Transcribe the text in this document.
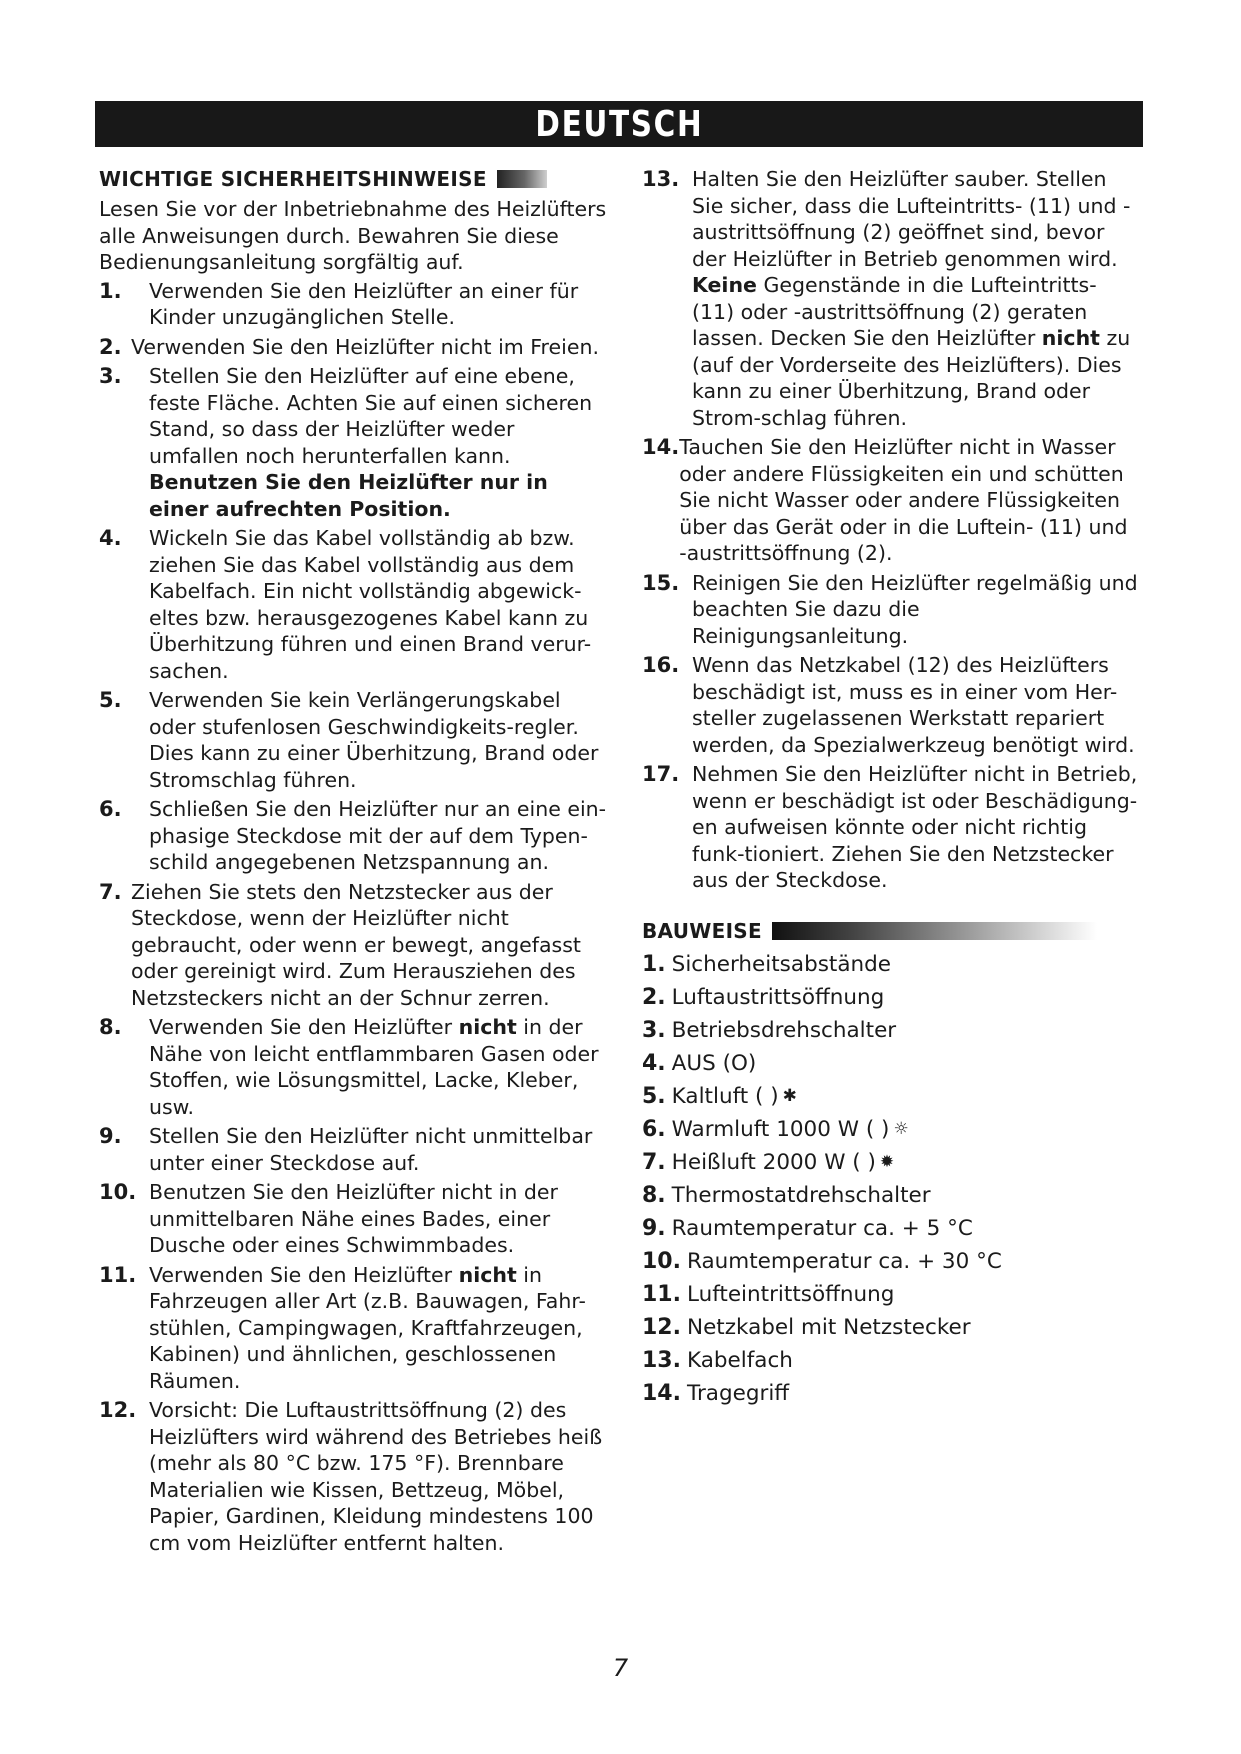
DEUTSCH
WICHTIGE SICHERHEITSHINWEISE
Lesen Sie vor der Inbetriebnahme des Heizlüfters alle Anweisungen durch. Bewahren Sie diese Bedienungsanleitung sorgfältig auf.
1.	Verwenden Sie den Heizlüfter an einer für Kinder unzugänglichen Stelle.
2. Verwenden Sie den Heizlüfter nicht im Freien.
3.	Stellen Sie den Heizlüfter auf eine ebene, feste Fläche. Achten Sie auf einen sicheren Stand, so dass der Heizlüfter weder umfallen noch herunterfallen kann. Benutzen Sie den Heizlüfter nur in einer aufrechten Position.
4.	Wickeln Sie das Kabel vollständig ab bzw. ziehen Sie das Kabel vollständig aus dem Kabelfach. Ein nicht vollständig abgewick-eltes bzw. herausgezogenes Kabel kann zu Überhitzung führen und einen Brand verur-sachen.
5.	Verwenden Sie kein Verlängerungskabel oder stufenlosen Geschwindigkeits-regler. Dies kann zu einer Überhitzung, Brand oder Stromschlag führen.
6.	Schließen Sie den Heizlüfter nur an eine ein-phasige Steckdose mit der auf dem Typen-schild angegebenen Netzspannung an.
7. Ziehen Sie stets den Netzstecker aus der Steckdose, wenn der Heizlüfter nicht gebraucht, oder wenn er bewegt, angefasst oder gereinigt wird. Zum Herausziehen des Netzsteckers nicht an der Schnur zerren.
8.	Verwenden Sie den Heizlüfter nicht in der Nähe von leicht entflammbaren Gasen oder Stoffen, wie Lösungsmittel, Lacke, Kleber, usw.
9.	Stellen Sie den Heizlüfter nicht unmittelbar unter einer Steckdose auf.
10. Benutzen Sie den Heizlüfter nicht in der unmittelbaren Nähe eines Bades, einer Dusche oder eines Schwimmbades.
11. Verwenden Sie den Heizlüfter nicht in Fahrzeugen aller Art (z.B. Bauwagen, Fahr-stühlen, Campingwagen, Kraftfahrzeugen, Kabinen) und ähnlichen, geschlossenen Räumen.
12. Vorsicht: Die Luftaustrittsöffnung (2) des Heizlüfters wird während des Betriebes heiß (mehr als 80 °C bzw. 175 °F). Brennbare Materialien wie Kissen, Bettzeug, Möbel, Papier, Gardinen, Kleidung mindestens 100 cm vom Heizlüfter entfernt halten.
13. Halten Sie den Heizlüfter sauber. Stellen Sie sicher, dass die Lufteintritts- (11) und -austrittsöffnung (2) geöffnet sind, bevor der Heizlüfter in Betrieb genommen wird. Keine Gegenstände in die Lufteintritts- (11) oder -austrittsöffnung (2) geraten lassen. Decken Sie den Heizlüfter nicht zu (auf der Vorderseite des Heizlüfters). Dies kann zu einer Überhitzung, Brand oder Strom-schlag führen.
14. Tauchen Sie den Heizlüfter nicht in Wasser oder andere Flüssigkeiten ein und schütten Sie nicht Wasser oder andere Flüssigkeiten über das Gerät oder in die Luftein- (11) und -austrittsöffnung (2).
15. Reinigen Sie den Heizlüfter regelmäßig und beachten Sie dazu die Reinigungsanleitung.
16. Wenn das Netzkabel (12) des Heizlüfters beschädigt ist, muss es in einer vom Her-steller zugelassenen Werkstatt repariert werden, da Spezialwerkzeug benötigt wird.
17. Nehmen Sie den Heizlüfter nicht in Betrieb, wenn er beschädigt ist oder Beschädigung-en aufweisen könnte oder nicht richtig funk-tioniert. Ziehen Sie den Netzstecker aus der Steckdose.
BAUWEISE
1. Sicherheitsabstände
2. Luftaustrittsöffnung
3. Betriebsdrehschalter
4. AUS (O)
5. Kaltluft ( ) ✱
6. Warmluft 1000 W ( ) ☼
7. Heißluft 2000 W ( ) ✹
8. Thermostatdrehschalter
9. Raumtemperatur ca. + 5 °C
10. Raumtemperatur ca. + 30 °C
11. Lufteintrittsöffnung
12. Netzkabel mit Netzstecker
13. Kabelfach
14. Tragegriff
7
